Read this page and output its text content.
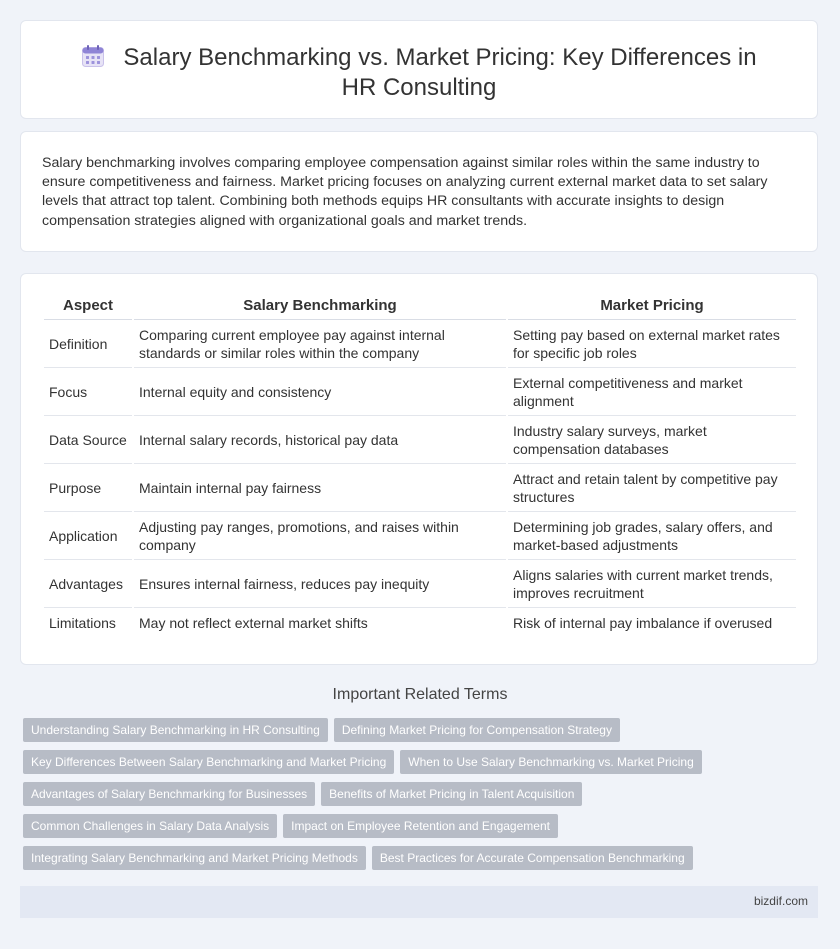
Salary Benchmarking vs. Market Pricing: Key Differences in HR Consulting

Salary benchmarking involves comparing employee compensation against similar roles within the same industry to ensure competitiveness and fairness. Market pricing focuses on analyzing current external market data to set salary levels that attract top talent. Combining both methods equips HR consultants with accurate insights to design compensation strategies aligned with organizational goals and market trends.

Aspect	Salary Benchmarking	Market Pricing
Definition	Comparing current employee pay against internal standards or similar roles within the company	Setting pay based on external market rates for specific job roles
Focus	Internal equity and consistency	External competitiveness and market alignment
Data Source	Internal salary records, historical pay data	Industry salary surveys, market compensation databases
Purpose	Maintain internal pay fairness	Attract and retain talent by competitive pay structures
Application	Adjusting pay ranges, promotions, and raises within company	Determining job grades, salary offers, and market-based adjustments
Advantages	Ensures internal fairness, reduces pay inequity	Aligns salaries with current market trends, improves recruitment
Limitations	May not reflect external market shifts	Risk of internal pay imbalance if overused
Important Related Terms
Understanding Salary Benchmarking in HR Consulting Defining Market Pricing for Compensation Strategy
Key Differences Between Salary Benchmarking and Market Pricing When to Use Salary Benchmarking vs. Market Pricing
Advantages of Salary Benchmarking for Businesses Benefits of Market Pricing in Talent Acquisition
Common Challenges in Salary Data Analysis Impact on Employee Retention and Engagement
Integrating Salary Benchmarking and Market Pricing Methods Best Practices for Accurate Compensation Benchmarking
bizdif.com
